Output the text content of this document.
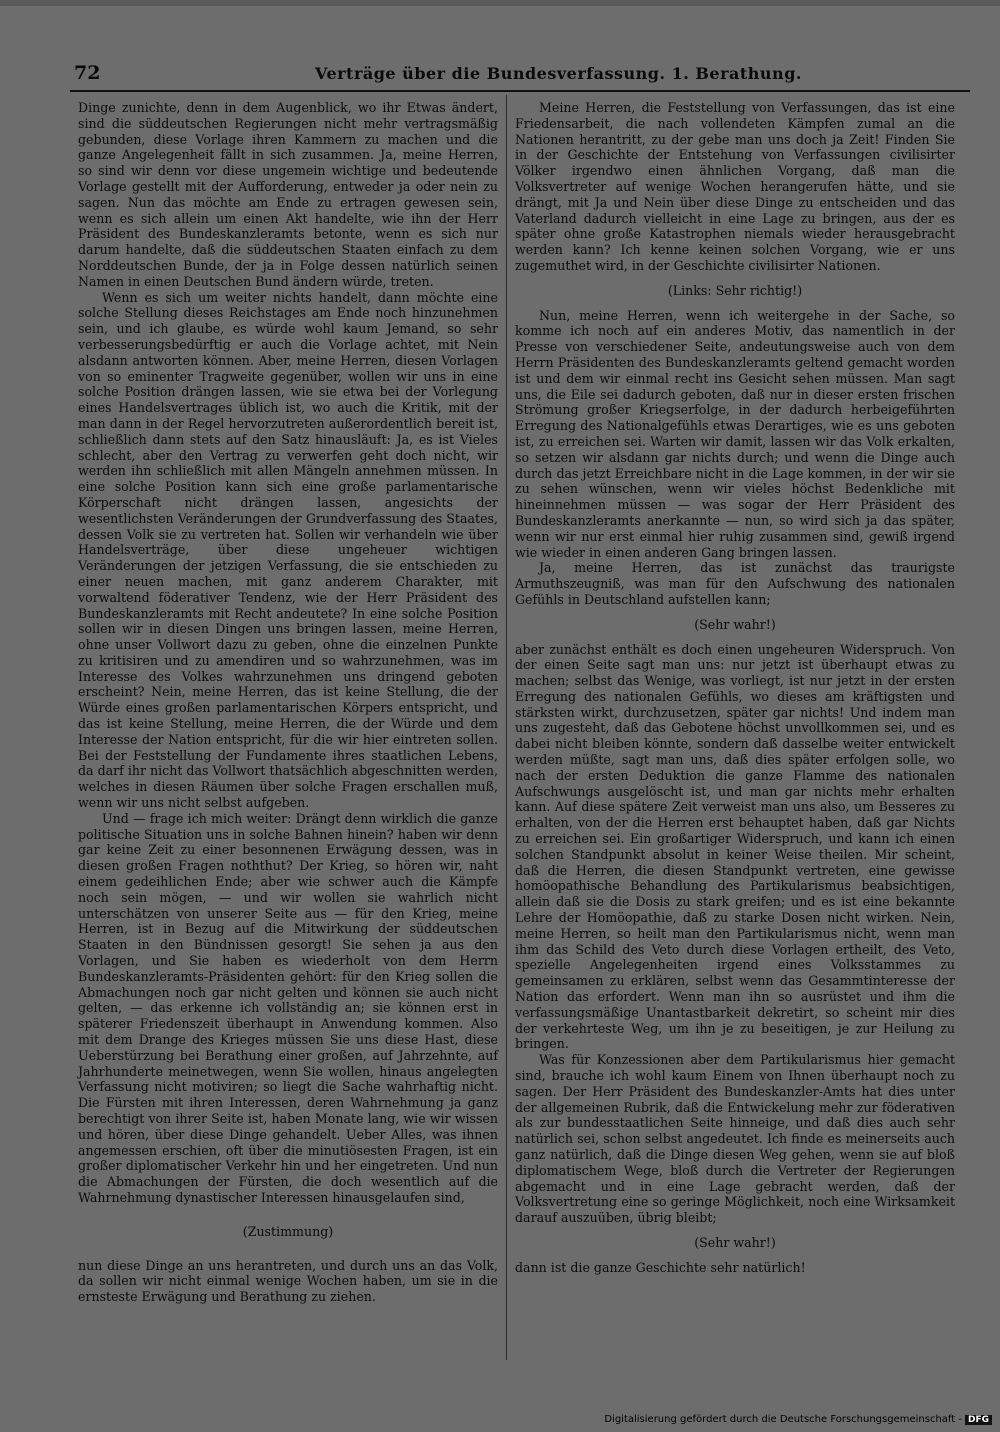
72	Verträge über die Bundesverfassung. 1. Berathung.

Dinge zunichte, denn in dem Augenblick, wo ihr Etwas ändert, sind die süddeutschen Regierungen nicht mehr vertragsmäßig gebunden, diese Vorlage ihren Kammern zu machen und die ganze Angelegenheit fällt in sich zusammen. Ja, meine Herren, so sind wir denn vor diese ungemein wichtige und bedeutende Vorlage gestellt mit der Aufforderung, entweder ja oder nein zu sagen. Nun das möchte am Ende zu ertragen gewesen sein, wenn es sich allein um einen Akt handelte, wie ihn der Herr Präsident des Bundeskanzleramts betonte, wenn es sich nur darum handelte, daß die süddeutschen Staaten einfach zu dem Norddeutschen Bunde, der ja in Folge dessen natürlich seinen Namen in einen Deutschen Bund ändern würde, treten.

Wenn es sich um weiter nichts handelt, dann möchte eine solche Stellung dieses Reichstages am Ende noch hinzunehmen sein, und ich glaube, es würde wohl kaum Jemand, so sehr verbesserungsbedürftig er auch die Vorlage achtet, mit Nein alsdann antworten können. Aber, meine Herren, diesen Vorlagen von so eminenter Tragweite gegenüber, wollen wir uns in eine solche Position drängen lassen, wie sie etwa bei der Vorlegung eines Handelsvertrages üblich ist, wo auch die Kritik, mit der man dann in der Regel hervorzutreten außerordentlich bereit ist, schließlich dann stets auf den Satz hinausläuft: Ja, es ist Vieles schlecht, aber den Vertrag zu verwerfen geht doch nicht, wir werden ihn schließlich mit allen Mängeln annehmen müssen. In eine solche Position kann sich eine große parlamentarische Körperschaft nicht drängen lassen, angesichts der wesentlichsten Veränderungen der Grundverfassung des Staates, dessen Volk sie zu vertreten hat. Sollen wir verhandeln wie über Handelsverträge, über diese ungeheuer wichtigen Veränderungen der jetzigen Verfassung, die sie entschieden zu einer neuen machen, mit ganz anderem Charakter, mit vorwaltend föderativer Tendenz, wie der Herr Präsident des Bundeskanzleramts mit Recht andeutete? In eine solche Position sollen wir in diesen Dingen uns bringen lassen, meine Herren, ohne unser Vollwort dazu zu geben, ohne die einzelnen Punkte zu kritisiren und zu amendiren und so wahrzunehmen, was im Interesse des Volkes wahrzunehmen uns dringend geboten erscheint? Nein, meine Herren, das ist keine Stellung, die der Würde eines großen parlamentarischen Körpers entspricht, und das ist keine Stellung, meine Herren, die der Würde und dem Interesse der Nation entspricht, für die wir hier eintreten sollen. Bei der Feststellung der Fundamente ihres staatlichen Lebens, da darf ihr nicht das Vollwort thatsächlich abgeschnitten werden, welches in diesen Räumen über solche Fragen erschallen muß, wenn wir uns nicht selbst aufgeben.

Und — frage ich mich weiter: Drängt denn wirklich die ganze politische Situation uns in solche Bahnen hinein? haben wir denn gar keine Zeit zu einer besonnenen Erwägung dessen, was in diesen großen Fragen noththut? Der Krieg, so hören wir, naht einem gedeihlichen Ende; aber wie schwer auch die Kämpfe noch sein mögen, — und wir wollen sie wahrlich nicht unterschätzen von unserer Seite aus — für den Krieg, meine Herren, ist in Bezug auf die Mitwirkung der süddeutschen Staaten in den Bündnissen gesorgt! Sie sehen ja aus den Vorlagen, und Sie haben es wiederholt von dem Herrn Bundeskanzleramts-Präsidenten gehört: für den Krieg sollen die Abmachungen noch gar nicht gelten und können sie auch nicht gelten, — das erkenne ich vollständig an; sie können erst in späterer Friedenszeit überhaupt in Anwendung kommen. Also mit dem Drange des Krieges müssen Sie uns diese Hast, diese Ueberstürzung bei Berathung einer großen, auf Jahrzehnte, auf Jahrhunderte meinetwegen, wenn Sie wollen, hinaus angelegten Verfassung nicht motiviren; so liegt die Sache wahrhaftig nicht. Die Fürsten mit ihren Interessen, deren Wahrnehmung ja ganz berechtigt von ihrer Seite ist, haben Monate lang, wie wir wissen und hören, über diese Dinge gehandelt. Ueber Alles, was ihnen angemessen erschien, oft über die minutiösesten Fragen, ist ein großer diplomatischer Verkehr hin und her eingetreten. Und nun die Abmachungen der Fürsten, die doch wesentlich auf die Wahrnehmung dynastischer Interessen hinausgelaufen sind,

(Zustimmung)

nun diese Dinge an uns herantreten, und durch uns an das Volk, da sollen wir nicht einmal wenige Wochen haben, um sie in die ernsteste Erwägung und Berathung zu ziehen.

Meine Herren, die Feststellung von Verfassungen, das ist eine Friedensarbeit, die nach vollendeten Kämpfen zumal an die Nationen herantritt, zu der gebe man uns doch ja Zeit! Finden Sie in der Geschichte der Entstehung von Verfassungen civilisirter Völker irgendwo einen ähnlichen Vorgang, daß man die Volksvertreter auf wenige Wochen herangerufen hätte, und sie drängt, mit Ja und Nein über diese Dinge zu entscheiden und das Vaterland dadurch vielleicht in eine Lage zu bringen, aus der es später ohne große Katastrophen niemals wieder herausgebracht werden kann? Ich kenne keinen solchen Vorgang, wie er uns zugemuthet wird, in der Geschichte civilisirter Nationen.

(Links: Sehr richtig!)

Nun, meine Herren, wenn ich weitergehe in der Sache, so komme ich noch auf ein anderes Motiv, das namentlich in der Presse von verschiedener Seite, andeutungsweise auch von dem Herrn Präsidenten des Bundeskanzleramts geltend gemacht worden ist und dem wir einmal recht ins Gesicht sehen müssen. Man sagt uns, die Eile sei dadurch geboten, daß nur in dieser ersten frischen Strömung großer Kriegserfolge, in der dadurch herbeigeführten Erregung des Nationalgefühls etwas Derartiges, wie es uns geboten ist, zu erreichen sei. Warten wir damit, lassen wir das Volk erkalten, so setzen wir alsdann gar nichts durch; und wenn die Dinge auch durch das jetzt Erreichbare nicht in die Lage kommen, in der wir sie zu sehen wünschen, wenn wir vieles höchst Bedenkliche mit hineinnehmen müssen — was sogar der Herr Präsident des Bundeskanzleramts anerkannte — nun, so wird sich ja das später, wenn wir nur erst einmal hier ruhig zusammen sind, gewiß irgend wie wieder in einen anderen Gang bringen lassen.

Ja, meine Herren, das ist zunächst das traurigste Armuthszeugniß, was man für den Aufschwung des nationalen Gefühls in Deutschland aufstellen kann;

(Sehr wahr!)

aber zunächst enthält es doch einen ungeheuren Widerspruch. Von der einen Seite sagt man uns: nur jetzt ist überhaupt etwas zu machen; selbst das Wenige, was vorliegt, ist nur jetzt in der ersten Erregung des nationalen Gefühls, wo dieses am kräftigsten und stärksten wirkt, durchzusetzen, später gar nichts! Und indem man uns zugesteht, daß das Gebotene höchst unvollkommen sei, und es dabei nicht bleiben könnte, sondern daß dasselbe weiter entwickelt werden müßte, sagt man uns, daß dies später erfolgen solle, wo nach der ersten Deduktion die ganze Flamme des nationalen Aufschwungs ausgelöscht ist, und man gar nichts mehr erhalten kann. Auf diese spätere Zeit verweist man uns also, um Besseres zu erhalten, von der die Herren erst behauptet haben, daß gar Nichts zu erreichen sei. Ein großartiger Widerspruch, und kann ich einen solchen Standpunkt absolut in keiner Weise theilen. Mir scheint, daß die Herren, die diesen Standpunkt vertreten, eine gewisse homöopathische Behandlung des Partikularismus beabsichtigen, allein daß sie die Dosis zu stark greifen; und es ist eine bekannte Lehre der Homöopathie, daß zu starke Dosen nicht wirken. Nein, meine Herren, so heilt man den Partikularismus nicht, wenn man ihm das Schild des Veto durch diese Vorlagen ertheilt, des Veto, spezielle Angelegenheiten irgend eines Volksstammes zu gemeinsamen zu erklären, selbst wenn das Gesammtinteresse der Nation das erfordert. Wenn man ihn so ausrüstet und ihm die verfassungsmäßige Unantastbarkeit dekretirt, so scheint mir dies der verkehrteste Weg, um ihn je zu beseitigen, je zur Heilung zu bringen.

Was für Konzessionen aber dem Partikularismus hier gemacht sind, brauche ich wohl kaum Einem von Ihnen überhaupt noch zu sagen. Der Herr Präsident des Bundeskanzler-Amts hat dies unter der allgemeinen Rubrik, daß die Entwickelung mehr zur föderativen als zur bundesstaatlichen Seite hinneige, und daß dies auch sehr natürlich sei, schon selbst angedeutet. Ich finde es meinerseits auch ganz natürlich, daß die Dinge diesen Weg gehen, wenn sie auf bloß diplomatischem Wege, bloß durch die Vertreter der Regierungen abgemacht und in eine Lage gebracht werden, daß der Volksvertretung eine so geringe Möglichkeit, noch eine Wirksamkeit darauf auszuüben, übrig bleibt;

(Sehr wahr!)

dann ist die ganze Geschichte sehr natürlich!

Digitalisierung gefördert durch die Deutsche Forschungsgemeinschaft - DFG
